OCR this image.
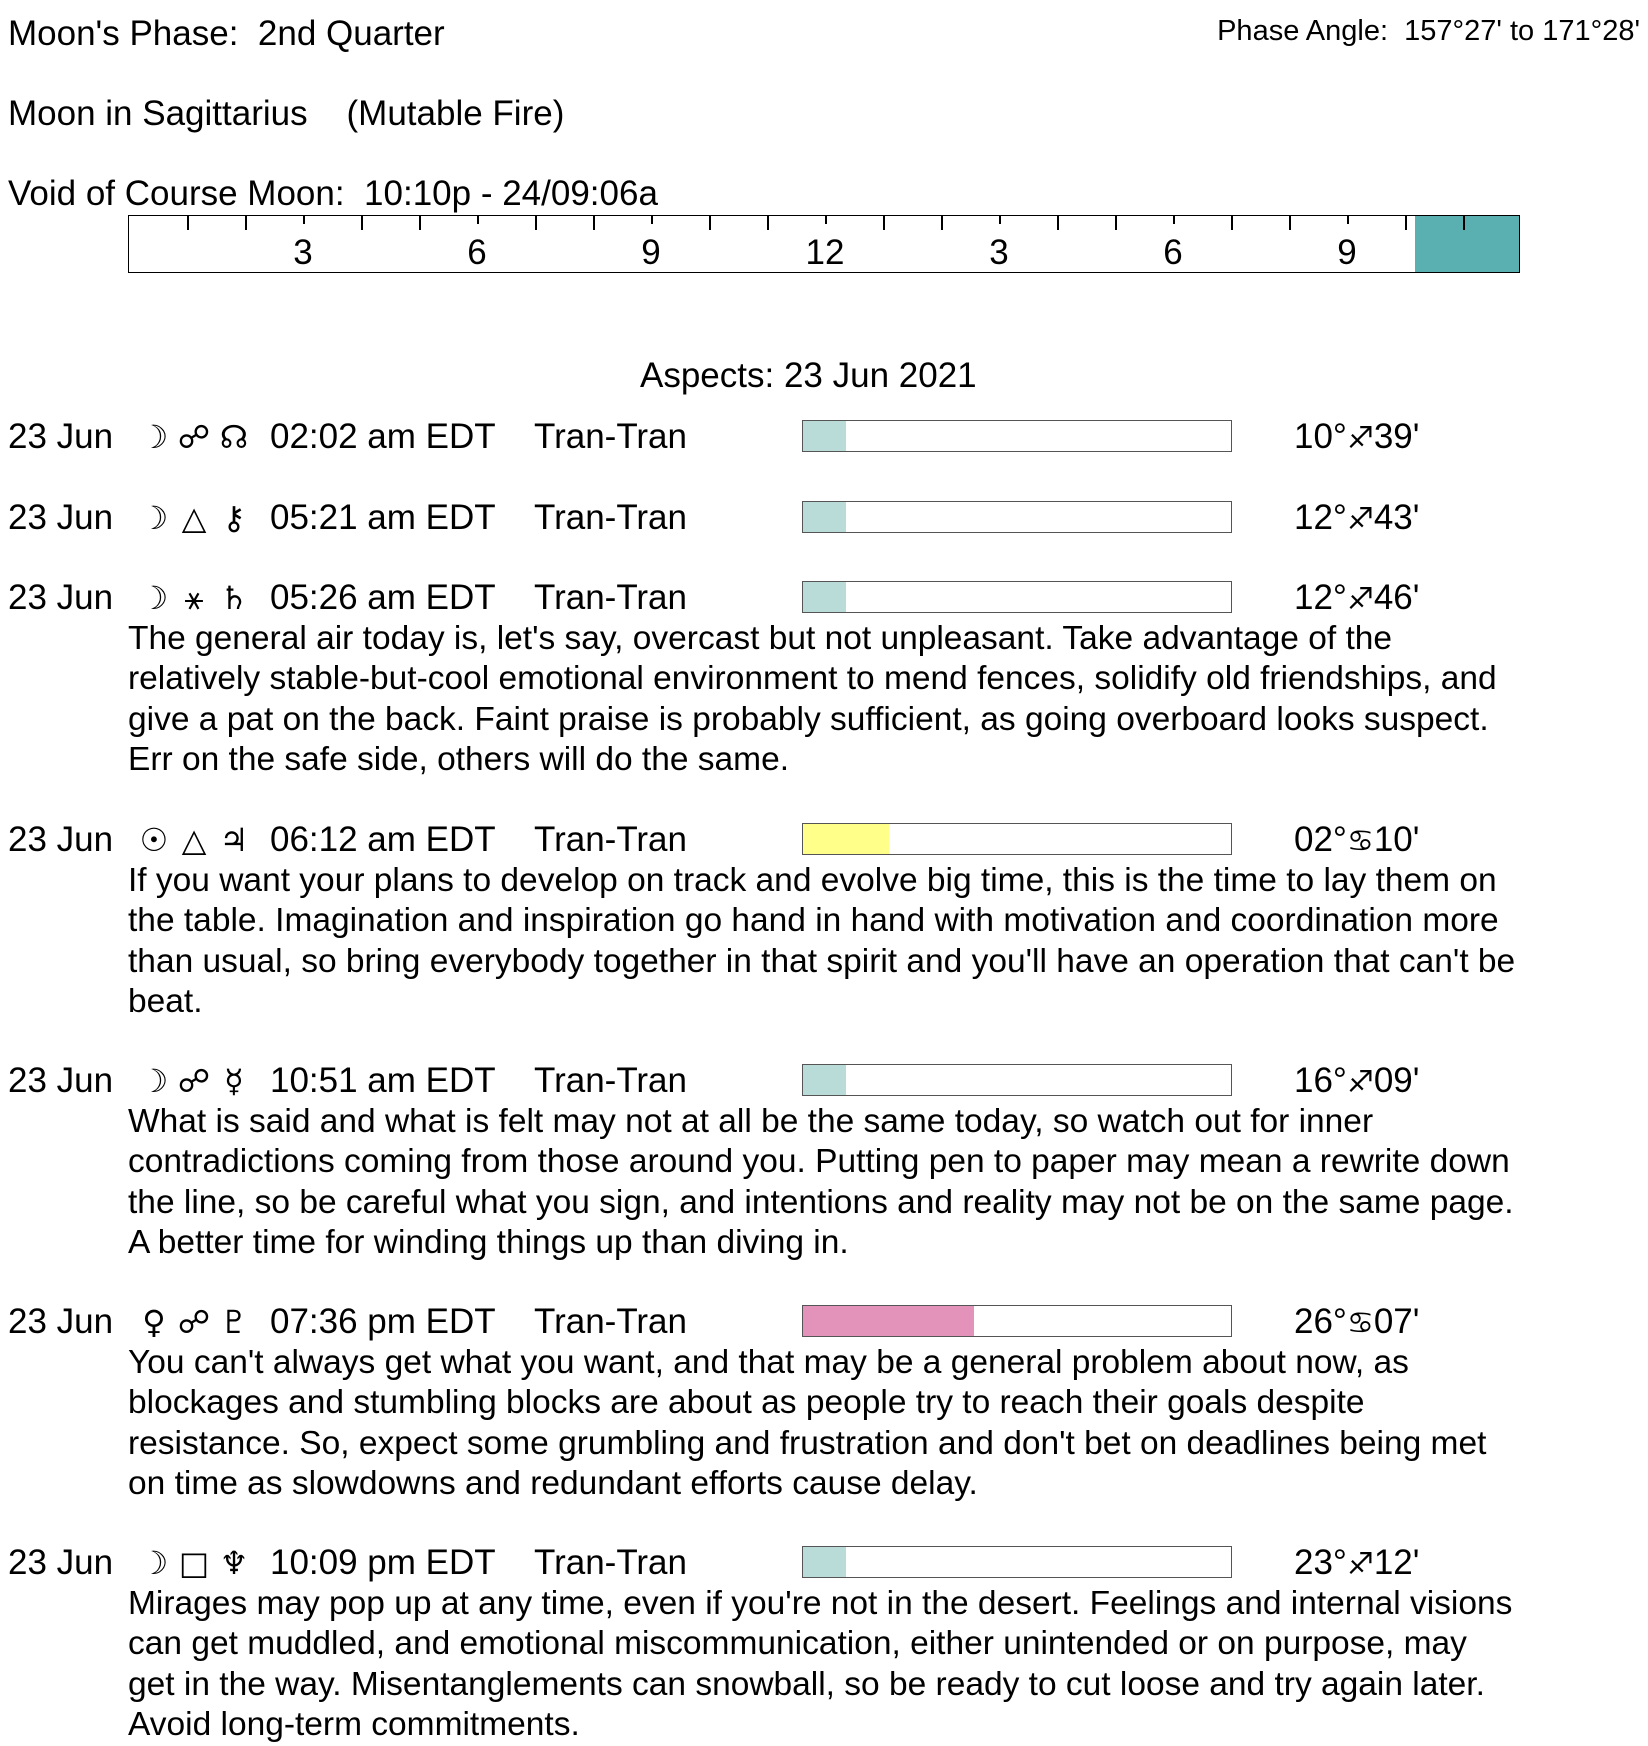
Moon's Phase: 2nd Quarter	Phase Angle: 157°27' to 171°28'
Moon in Sagittarius (Mutable Fire)
Void of Course Moon: 10:10p - 24/09:06a
3	6	9	12	3	6	9
Aspects: 23 Jun 2021
23 Jun ☽ ☍ ☊ 02:02 am EDT Tran-Tran	10°♐39'
23 Jun ☽ △ ⚷ 05:21 am EDT Tran-Tran	12°♐43'
23 Jun ☽ ⚹ ♄ 05:26 am EDT Tran-Tran	12°♐46'
The general air today is, let's say, overcast but not unpleasant. Take advantage of the
relatively stable-but-cool emotional environment to mend fences, solidify old friendships, and
give a pat on the back. Faint praise is probably sufficient, as going overboard looks suspect.
Err on the safe side, others will do the same.
23 Jun ☉ △ ♃ 06:12 am EDT Tran-Tran	02°♋10'
If you want your plans to develop on track and evolve big time, this is the time to lay them on
the table. Imagination and inspiration go hand in hand with motivation and coordination more
than usual, so bring everybody together in that spirit and you'll have an operation that can't be
beat.
23 Jun ☽ ☍ ☿ 10:51 am EDT Tran-Tran	16°♐09'
What is said and what is felt may not at all be the same today, so watch out for inner
contradictions coming from those around you. Putting pen to paper may mean a rewrite down
the line, so be careful what you sign, and intentions and reality may not be on the same page.
A better time for winding things up than diving in.
23 Jun ♀ ☍ ♇ 07:36 pm EDT Tran-Tran	26°♋07'
You can't always get what you want, and that may be a general problem about now, as
blockages and stumbling blocks are about as people try to reach their goals despite
resistance. So, expect some grumbling and frustration and don't bet on deadlines being met
on time as slowdowns and redundant efforts cause delay.
23 Jun ☽ □ ♆ 10:09 pm EDT Tran-Tran	23°♐12'
Mirages may pop up at any time, even if you're not in the desert. Feelings and internal visions
can get muddled, and emotional miscommunication, either unintended or on purpose, may
get in the way. Misentanglements can snowball, so be ready to cut loose and try again later.
Avoid long-term commitments.
